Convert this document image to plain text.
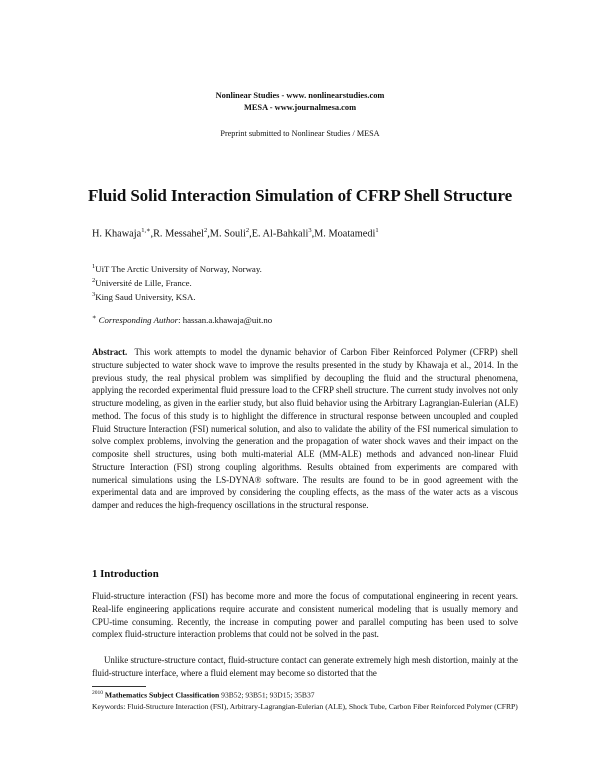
Nonlinear Studies - www. nonlinearstudies.com
MESA - www.journalmesa.com
Preprint submitted to Nonlinear Studies / MESA
Fluid Solid Interaction Simulation of CFRP Shell Structure
H. Khawaja$^{1,∗}$,R. Messahel$^2$,M. Souli$^2$,E. Al-Bahkali$^3$,M. Moatamedi$^1$
$^1$UiT The Arctic University of Norway, Norway.
$^2$Université de Lille, France.
$^3$King Saud University, KSA.
∗ Corresponding Author: hassan.a.khawaja@uit.no

Abstract. This work attempts to model the dynamic behavior of Carbon Fiber Reinforced Polymer (CFRP) shell structure subjected to water shock wave to improve the results presented in the study by Khawaja et al., 2014. In the previous study, the real physical problem was simplified by decoupling the fluid and the structural phenomena, applying the recorded experimental fluid pressure load to the CFRP shell structure. The current study involves not only structure modeling, as given in the earlier study, but also fluid behavior using the Arbitrary Lagrangian-Eulerian (ALE) method. The focus of this study is to highlight the difference in structural response between uncoupled and coupled Fluid Structure Interaction (FSI) numerical solution, and also to validate the ability of the FSI numerical simulation to solve complex problems, involving the generation and the propagation of water shock waves and their impact on the composite shell structures, using both multi-material ALE (MM-ALE) methods and advanced non-linear Fluid Structure Interaction (FSI) strong coupling algorithms. Results obtained from experiments are compared with numerical simulations using the LS-DYNA® software. The results are found to be in good agreement with the experimental data and are improved by considering the coupling effects, as the mass of the water acts as a viscous damper and reduces the high-frequency oscillations in the structural response.

1 Introduction

Fluid-structure interaction (FSI) has become more and more the focus of computational engineering in recent years. Real-life engineering applications require accurate and consistent numerical modeling that is usually memory and CPU-time consuming. Recently, the increase in computing power and parallel computing has been used to solve complex fluid-structure interaction problems that could not be solved in the past.

Unlike structure-structure contact, fluid-structure contact can generate extremely high mesh distortion, mainly at the fluid-structure interface, where a fluid element may become so distorted that the

$^{2010}$ Mathematics Subject Classification 93B52; 93B51; 93D15; 35B37
Keywords: Fluid-Structure Interaction (FSI), Arbitrary-Lagrangian-Eulerian (ALE), Shock Tube, Carbon Fiber Reinforced Polymer (CFRP)
